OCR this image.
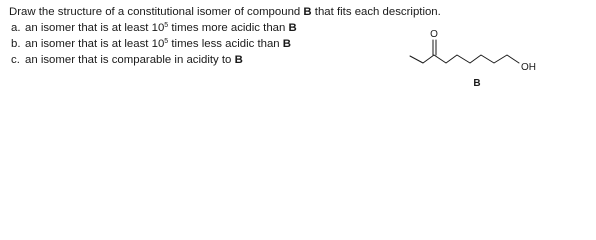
Draw the structure of a constitutional isomer of compound B that fits each description.

a. an isomer that is at least $10^5$ times more acidic than B
b. an isomer that is at least $10^5$ times less acidic than B
c. an isomer that is comparable in acidity to B
O
OH
B
